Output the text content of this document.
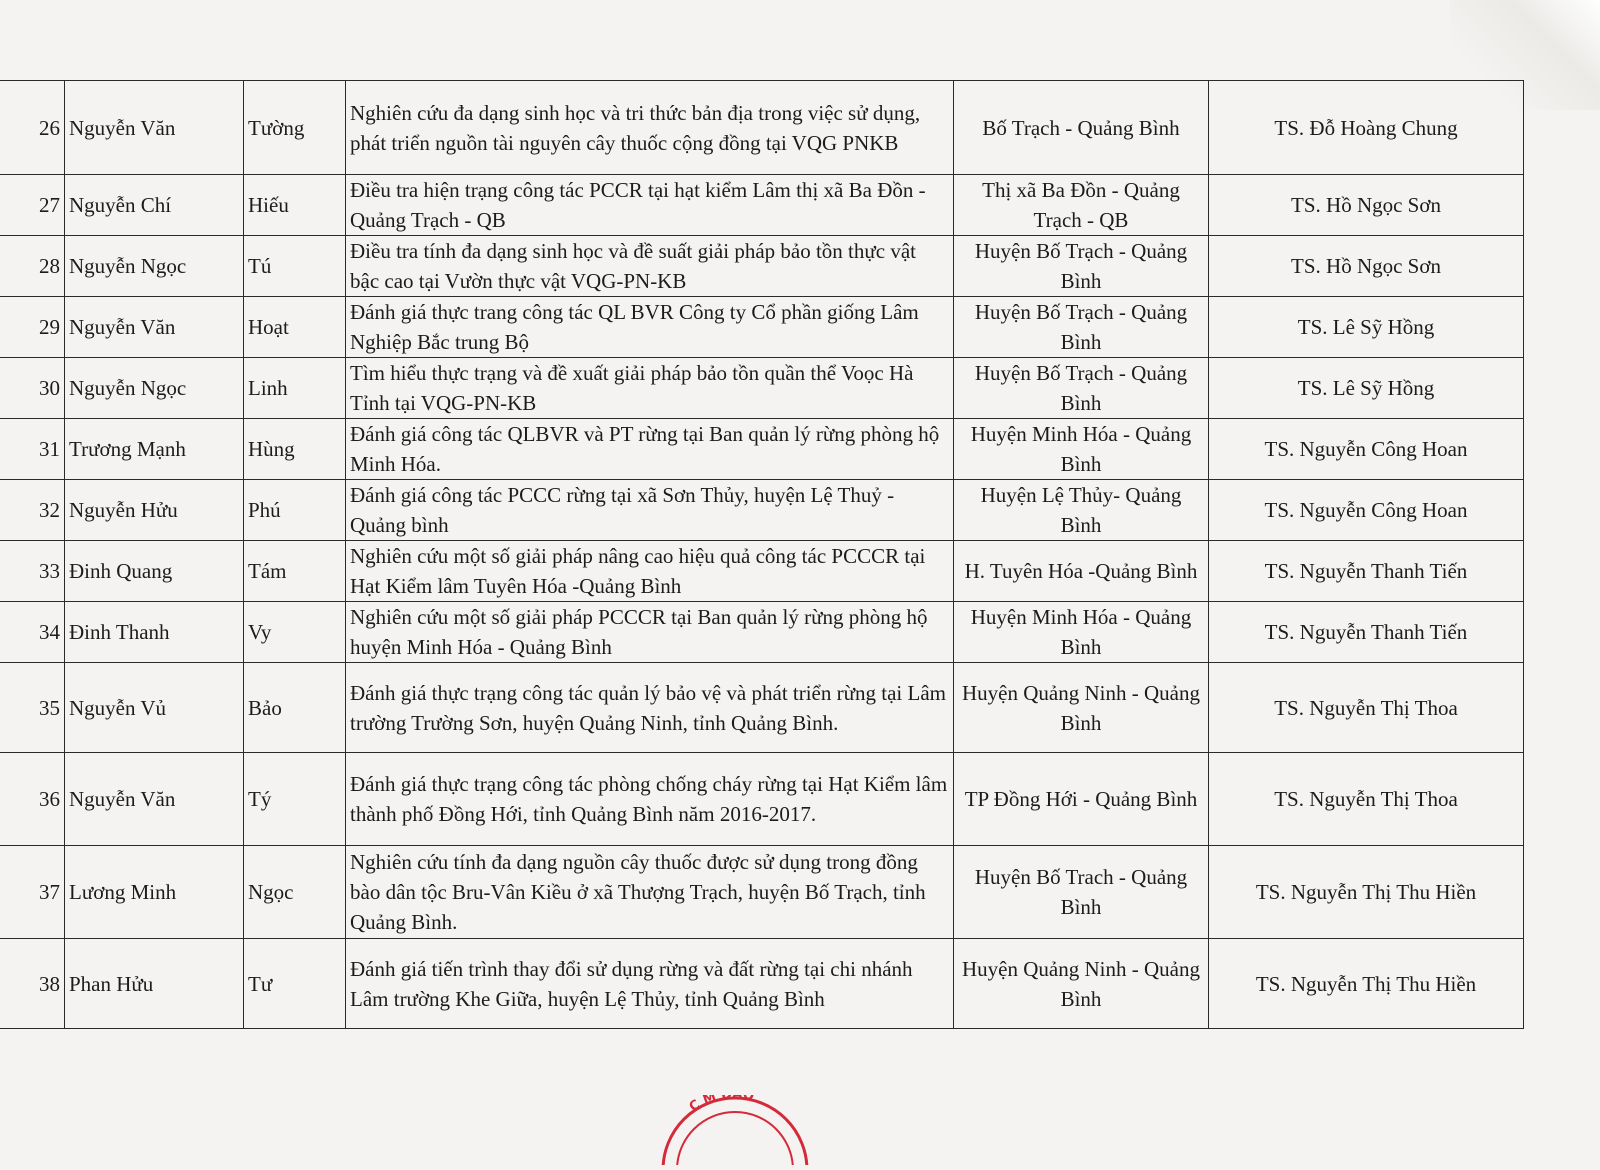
26	Nguyễn Văn	Tường	Nghiên cứu đa dạng sinh học và tri thức bản địa trong việc sử dụng, phát triển nguồn tài nguyên cây thuốc cộng đồng tại VQG PNKB	Bố Trạch - Quảng Bình	TS. Đỗ Hoàng Chung
27	Nguyễn Chí	Hiếu	Điều tra hiện trạng công tác PCCR tại hạt kiểm Lâm thị xã Ba Đồn -Quảng Trạch - QB	Thị xã Ba Đồn - Quảng Trạch - QB	TS. Hồ Ngọc Sơn
28	Nguyễn Ngọc	Tú	Điều tra tính đa dạng sinh học và đề suất giải pháp bảo tồn thực vật bậc cao tại Vườn thực vật VQG-PN-KB	Huyện Bố Trạch - Quảng Bình	TS. Hồ Ngọc Sơn
29	Nguyễn Văn	Hoạt	Đánh giá thực trang công tác QL BVR Công ty Cổ phần giống Lâm Nghiệp Bắc trung Bộ	Huyện Bố Trạch - Quảng Bình	TS. Lê Sỹ Hồng
30	Nguyễn Ngọc	Linh	Tìm hiểu thực trạng và đề xuất giải pháp bảo tồn quần thể Voọc Hà Tỉnh tại VQG-PN-KB	Huyện Bố Trạch - Quảng Bình	TS. Lê Sỹ Hồng
31	Trương Mạnh	Hùng	Đánh giá công tác QLBVR và PT rừng tại Ban quản lý rừng phòng hộ Minh Hóa.	Huyện Minh Hóa - Quảng Bình	TS. Nguyễn Công Hoan
32	Nguyễn Hửu	Phú	Đánh giá công tác PCCC rừng tại xã Sơn Thủy, huyện Lệ Thuỷ - Quảng bình	Huyện Lệ Thủy- Quảng Bình	TS. Nguyễn Công Hoan
33	Đinh Quang	Tám	Nghiên cứu một số giải pháp nâng cao hiệu quả công tác PCCCR tại Hạt Kiểm lâm Tuyên Hóa -Quảng Bình	H. Tuyên Hóa -Quảng Bình	TS. Nguyễn Thanh Tiến
34	Đinh Thanh	Vy	Nghiên cứu một số giải pháp PCCCR tại Ban quản lý rừng phòng hộ huyện Minh Hóa - Quảng Bình	Huyện Minh Hóa - Quảng Bình	TS. Nguyễn Thanh Tiến
35	Nguyễn Vủ	Bảo	Đánh giá thực trạng công tác quản lý bảo vệ và phát triển rừng tại Lâm trường Trường Sơn, huyện Quảng Ninh, tỉnh Quảng Bình.	Huyện Quảng Ninh - Quảng Bình	TS. Nguyễn Thị Thoa
36	Nguyễn Văn	Tý	Đánh giá thực trạng công tác phòng chống cháy rừng tại Hạt Kiểm lâm thành phố Đồng Hới, tỉnh Quảng Bình năm 2016-2017.	TP Đồng Hới - Quảng Bình	TS. Nguyễn Thị Thoa
37	Lương Minh	Ngọc	Nghiên cứu tính đa dạng nguồn cây thuốc được sử dụng trong đồng bào dân tộc Bru-Vân Kiều ở xã Thượng Trạch, huyện Bố Trạch, tỉnh Quảng Bình.	Huyện Bố Trach - Quảng Bình	TS. Nguyễn Thị Thu Hiền
38	Phan Hửu	Tư	Đánh giá tiến trình thay đổi sử dụng rừng và đất rừng tại chi nhánh Lâm trường Khe Giữa, huyện Lệ Thủy, tỉnh Quảng Bình	Huyện Quảng Ninh - Quảng Bình	TS. Nguyễn Thị Thu Hiền
C M O
